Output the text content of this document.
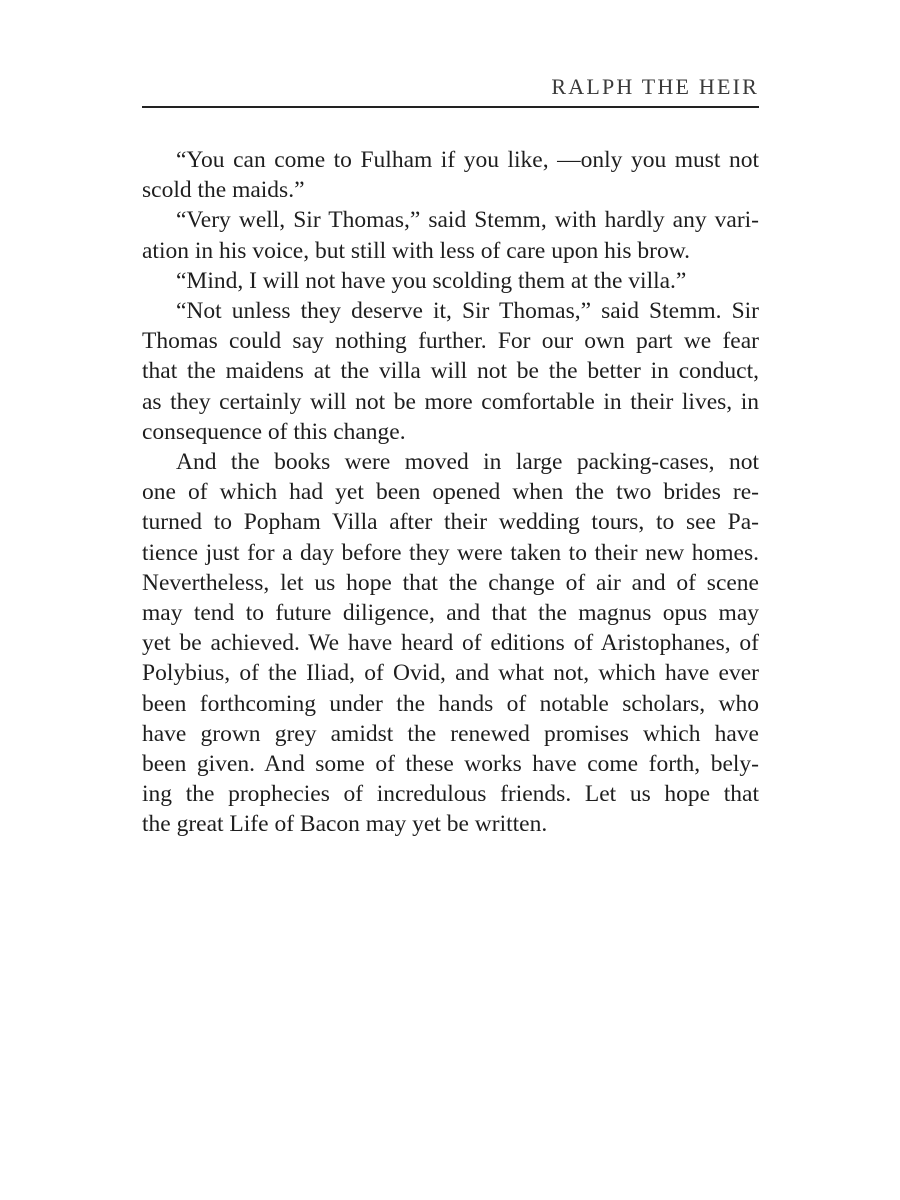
RALPH THE HEIR

“You can come to Fulham if you like, —only you must not
scold the maids.”

“Very well, Sir Thomas,” said Stemm, with hardly any vari-
ation in his voice, but still with less of care upon his brow.

“Mind, I will not have you scolding them at the villa.”

“Not unless they deserve it, Sir Thomas,” said Stemm. Sir
Thomas could say nothing further. For our own part we fear
that the maidens at the villa will not be the better in conduct,
as they certainly will not be more comfortable in their lives, in
consequence of this change.

And the books were moved in large packing-cases, not
one of which had yet been opened when the two brides re-
turned to Popham Villa after their wedding tours, to see Pa-
tience just for a day before they were taken to their new homes.
Nevertheless, let us hope that the change of air and of scene
may tend to future diligence, and that the magnus opus may
yet be achieved. We have heard of editions of Aristophanes, of
Polybius, of the Iliad, of Ovid, and what not, which have ever
been forthcoming under the hands of notable scholars, who
have grown grey amidst the renewed promises which have
been given. And some of these works have come forth, bely-
ing the prophecies of incredulous friends. Let us hope that
the great Life of Bacon may yet be written.
